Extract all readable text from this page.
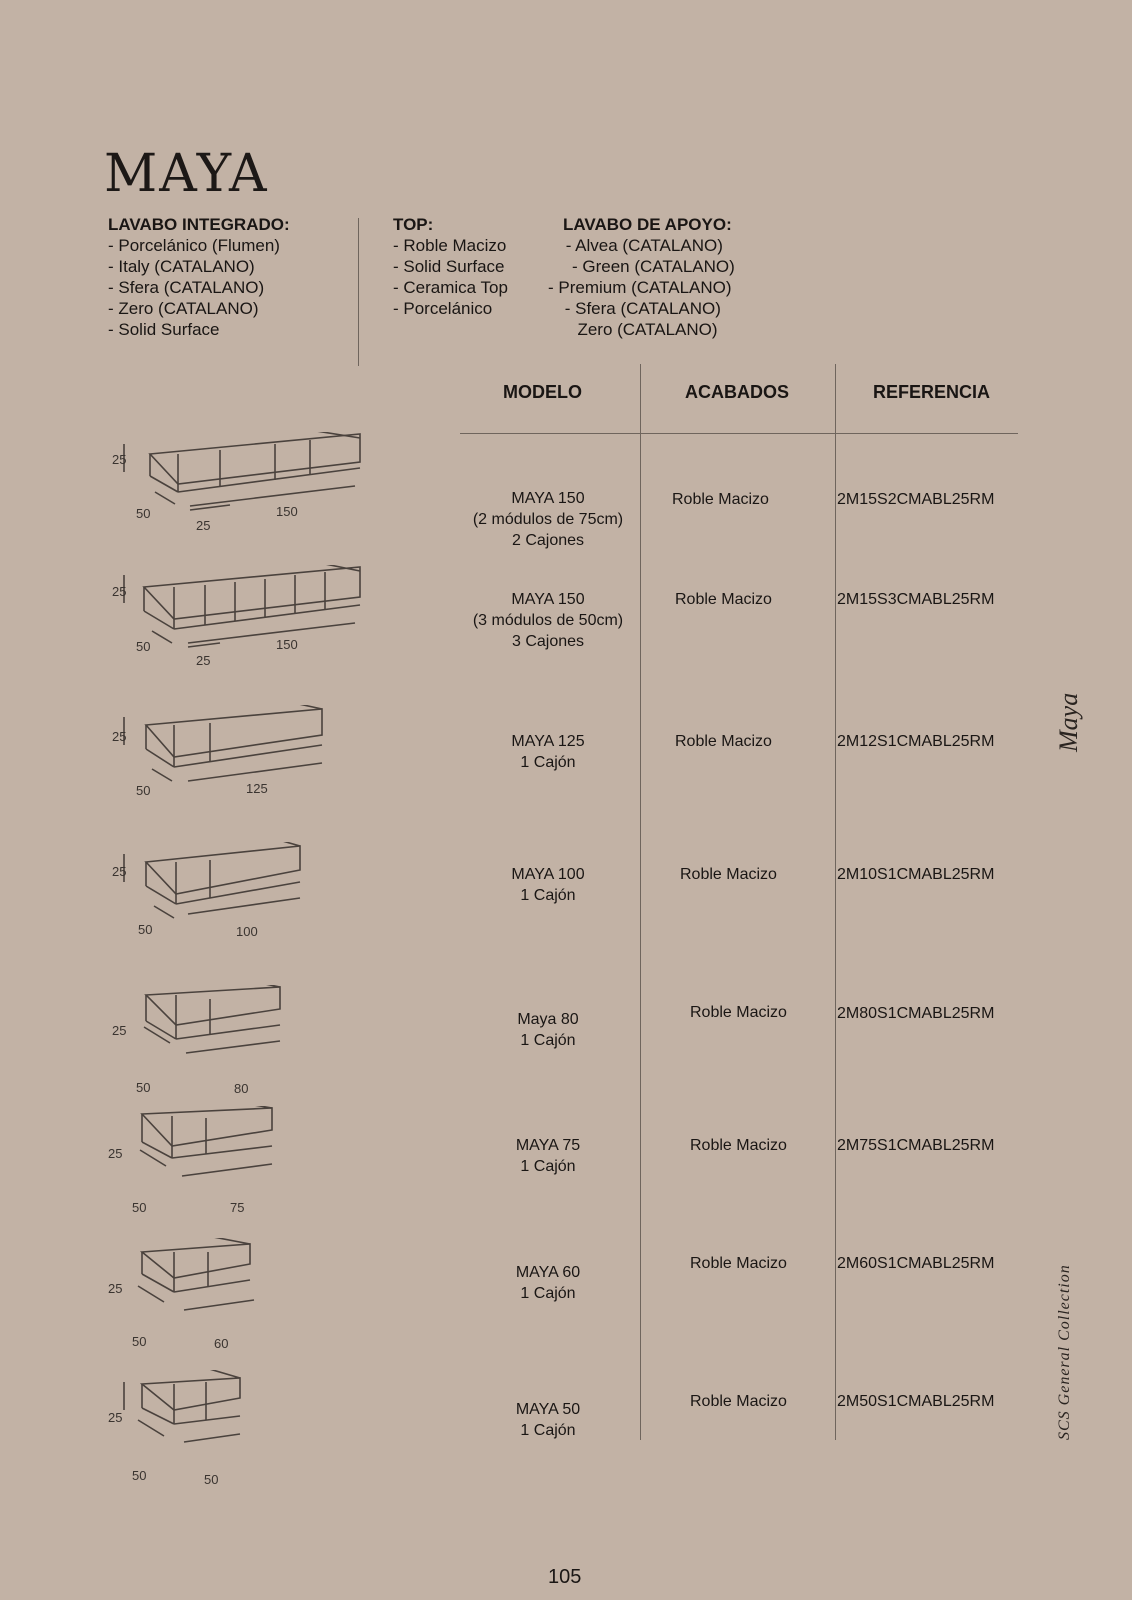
MAYA
LAVABO INTEGRADO:
- Porcelánico (Flumen)
- Italy (CATALANO)
- Sfera (CATALANO)
- Zero (CATALANO)
- Solid Surface
TOP:
- Roble Macizo
- Solid Surface
- Ceramica Top
- Porcelánico
LAVABO DE APOYO:
- Alvea (CATALANO)
- Green (CATALANO)
- Premium (CATALANO)
- Sfera (CATALANO)
Zero (CATALANO)
MODELO	ACABADOS	REFERENCIA
MAYA 150
(2 módulos de 75cm)
2 Cajones
Roble Macizo	2M15S2CMABL25RM
MAYA 150
(3 módulos de 50cm)
3 Cajones
Roble Macizo	2M15S3CMABL25RM
MAYA 125
1 Cajón
Roble Macizo	2M12S1CMABL25RM
MAYA 100
1 Cajón
Roble Macizo	2M10S1CMABL25RM
Maya 80
1 Cajón
Roble Macizo	2M80S1CMABL25RM
MAYA 75
1 Cajón
Roble Macizo	2M75S1CMABL25RM
MAYA 60
1 Cajón
Roble Macizo	2M60S1CMABL25RM
MAYA 50
1 Cajón
Roble Macizo	2M50S1CMABL25RM
25
50
25
150
25
50
25
150
25
50	125
25
50	100
25
50	80
25
50	75
25
50	60
25
50	50
Maya
SCS General Collection
105
